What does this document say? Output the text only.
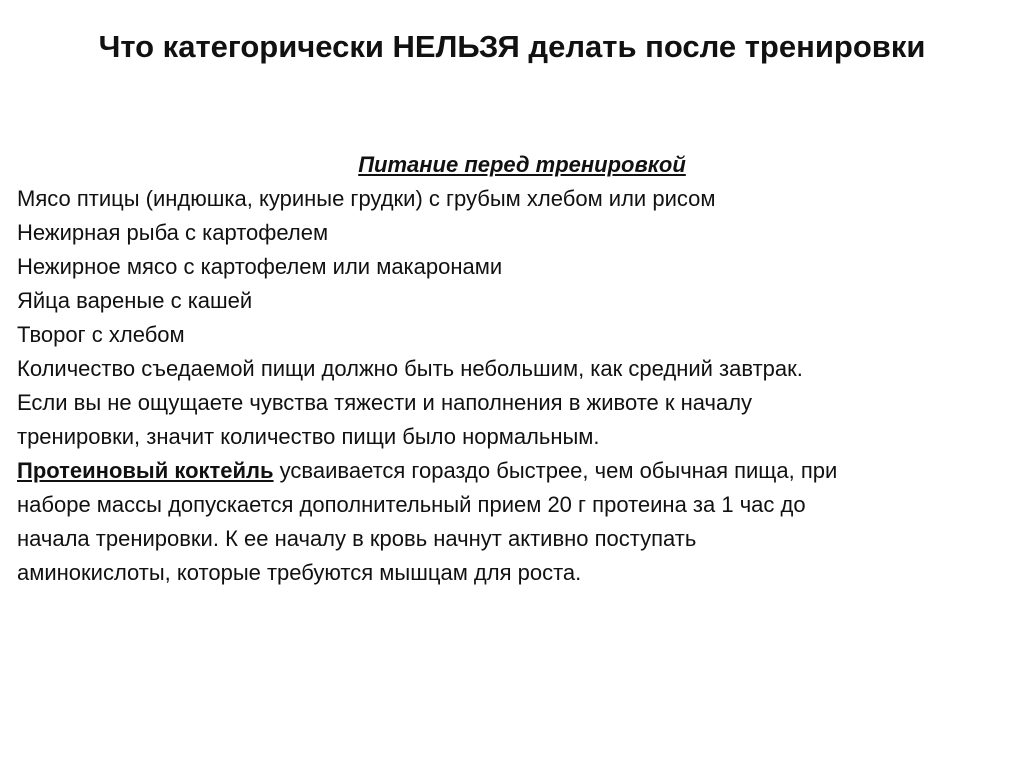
Что категорически НЕЛЬЗЯ делать после тренировки

Питание перед тренировкой

Мясо птицы (индюшка, куриные грудки) с грубым хлебом или рисом

Нежирная рыба с картофелем

Нежирное мясо с картофелем или макаронами

Яйца вареные с кашей

Творог с хлебом

Количество съедаемой пищи должно быть небольшим, как средний завтрак.

Если вы не ощущаете чувства тяжести и наполнения в животе к началу

тренировки, значит количество пищи было нормальным.

Протеиновый коктейль усваивается гораздо быстрее, чем обычная пища, при

наборе массы допускается дополнительный прием 20 г протеина за 1 час до

начала тренировки. К ее началу в кровь начнут активно поступать

аминокислоты, которые требуются мышцам для роста.
